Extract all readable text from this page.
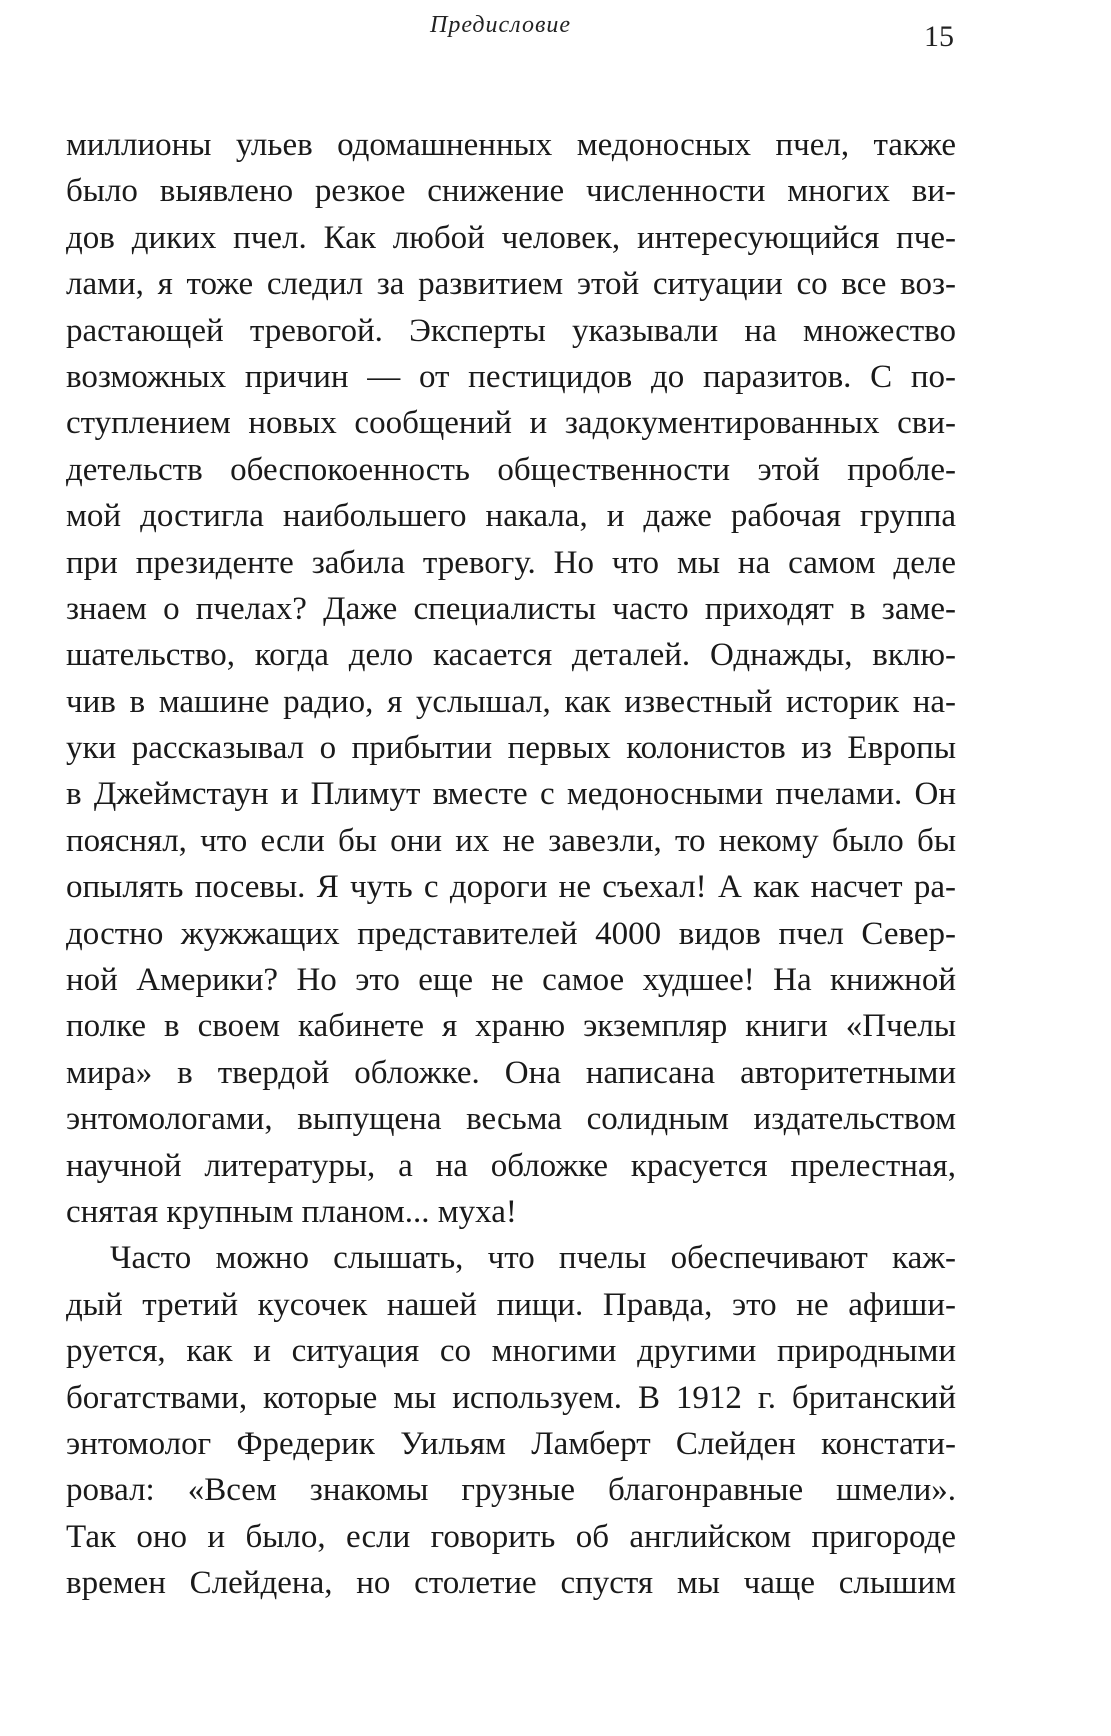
Предисловие	15
миллионы ульев одомашненных медоносных пчел, также
было выявлено резкое снижение численности многих ви-
дов диких пчел. Как любой человек, интересующийся пче-
лами, я тоже следил за развитием этой ситуации со все воз-
растающей тревогой. Эксперты указывали на множество
возможных причин — от пестицидов до паразитов. С по-
ступлением новых сообщений и задокументированных сви-
детельств обеспокоенность общественности этой пробле-
мой достигла наибольшего накала, и даже рабочая группа
при президенте забила тревогу. Но что мы на самом деле
знаем о пчелах? Даже специалисты часто приходят в заме-
шательство, когда дело касается деталей. Однажды, вклю-
чив в машине радио, я услышал, как известный историк на-
уки рассказывал о прибытии первых колонистов из Европы
в Джеймстаун и Плимут вместе с медоносными пчелами. Он
пояснял, что если бы они их не завезли, то некому было бы
опылять посевы. Я чуть с дороги не съехал! А как насчет ра-
достно жужжащих представителей 4000 видов пчел Север-
ной Америки? Но это еще не самое худшее! На книжной
полке в своем кабинете я храню экземпляр книги «Пчелы
мира» в твердой обложке. Она написана авторитетными
энтомологами, выпущена весьма солидным издательством
научной литературы, а на обложке красуется прелестная,
снятая крупным планом... муха!
Часто можно слышать, что пчелы обеспечивают каж-
дый третий кусочек нашей пищи. Правда, это не афиши-
руется, как и ситуация со многими другими природными
богатствами, которые мы используем. В 1912 г. британский
энтомолог Фредерик Уильям Ламберт Слейден констати-
ровал: «Всем знакомы грузные благонравные шмели».
Так оно и было, если говорить об английском пригороде
времен Слейдена, но столетие спустя мы чаще слышим
